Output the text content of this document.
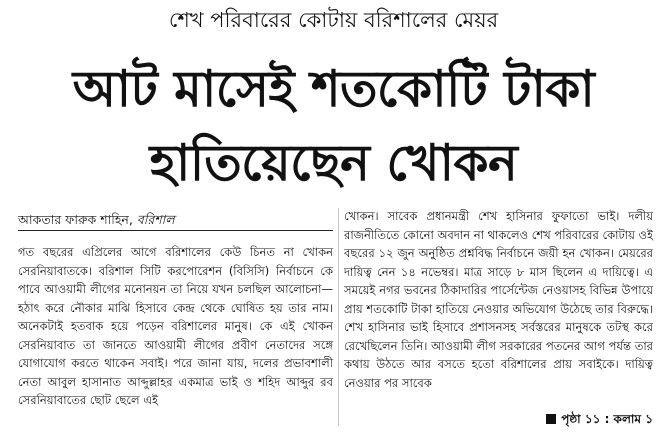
শেখ পরিবারের কোটায় বরিশালের মেয়র
আট মাসেই শতকোটি টাকা
হাতিয়েছেন খোকন
আকতার ফারুক শাহিন, বরিশাল

গত বছরের এপ্রিলের আগে বরিশালের কেউ চিনত না খোকন সেরনিয়াবাতকে। বরিশাল সিটি করপোরেশন (বিসিসি) নির্বাচনে কে পাবে আওয়ামী লীগের মনোনয়ন তা নিয়ে যখন চলছিল আলোচনা—হঠাৎ করে নৌকার মাঝি হিসাবে কেন্দ্র থেকে ঘোষিত হয় তার নাম। অনেকটাই হতবাক হয়ে পড়েন বরিশালের মানুষ। কে এই খোকন সেরনিয়াবাত তা জানতে আওয়ামী লীগের প্রবীণ নেতাদের সঙ্গে যোগাযোগ করতে থাকেন সবাই। পরে জানা যায়, দলের প্রভাবশালী নেতা আবুল হাসানাত আব্দুল্লাহর একমাত্র ভাই ও শহিদ আব্দুর রব সেরনিয়াবাতের ছোট ছেলে এই

খোকন। সাবেক প্রধানমন্ত্রী শেখ হাসিনার ফুফাতো ভাই। দলীয় রাজনীতিতে কোনো অবদান না থাকলেও শেখ পরিবারের কোটায় ওই বছরের ১২ জুন অনুষ্ঠিত প্রশ্নবিদ্ধ নির্বাচনে জয়ী হন খোকন। মেয়রের দায়িত্ব নেন ১৪ নভেম্বর। মাত্র সাড়ে ৮ মাস ছিলেন এ দায়িত্বে। এ সময়েই নগর ভবনের ঠিকাদারির পার্সেন্টেজ নেওয়াসহ বিভিন্ন উপায়ে প্রায় শতকোটি টাকা হাতিয়ে নেওয়ার অভিযোগ উঠেছে তার বিরুদ্ধে। শেখ হাসিনার ভাই হিসাবে প্রশাসনসহ সর্বস্তরের মানুষকে তটস্থ করে রেখেছিলেন তিনি। আওয়ামী লীগ সরকারের পতনের আগ পর্যন্ত তার কথায় উঠতে আর বসতে হতো বরিশালের প্রায় সবাইকে। দায়িত্ব নেওয়ার পর সাবেক

পৃষ্ঠা ১১ : কলাম ১
